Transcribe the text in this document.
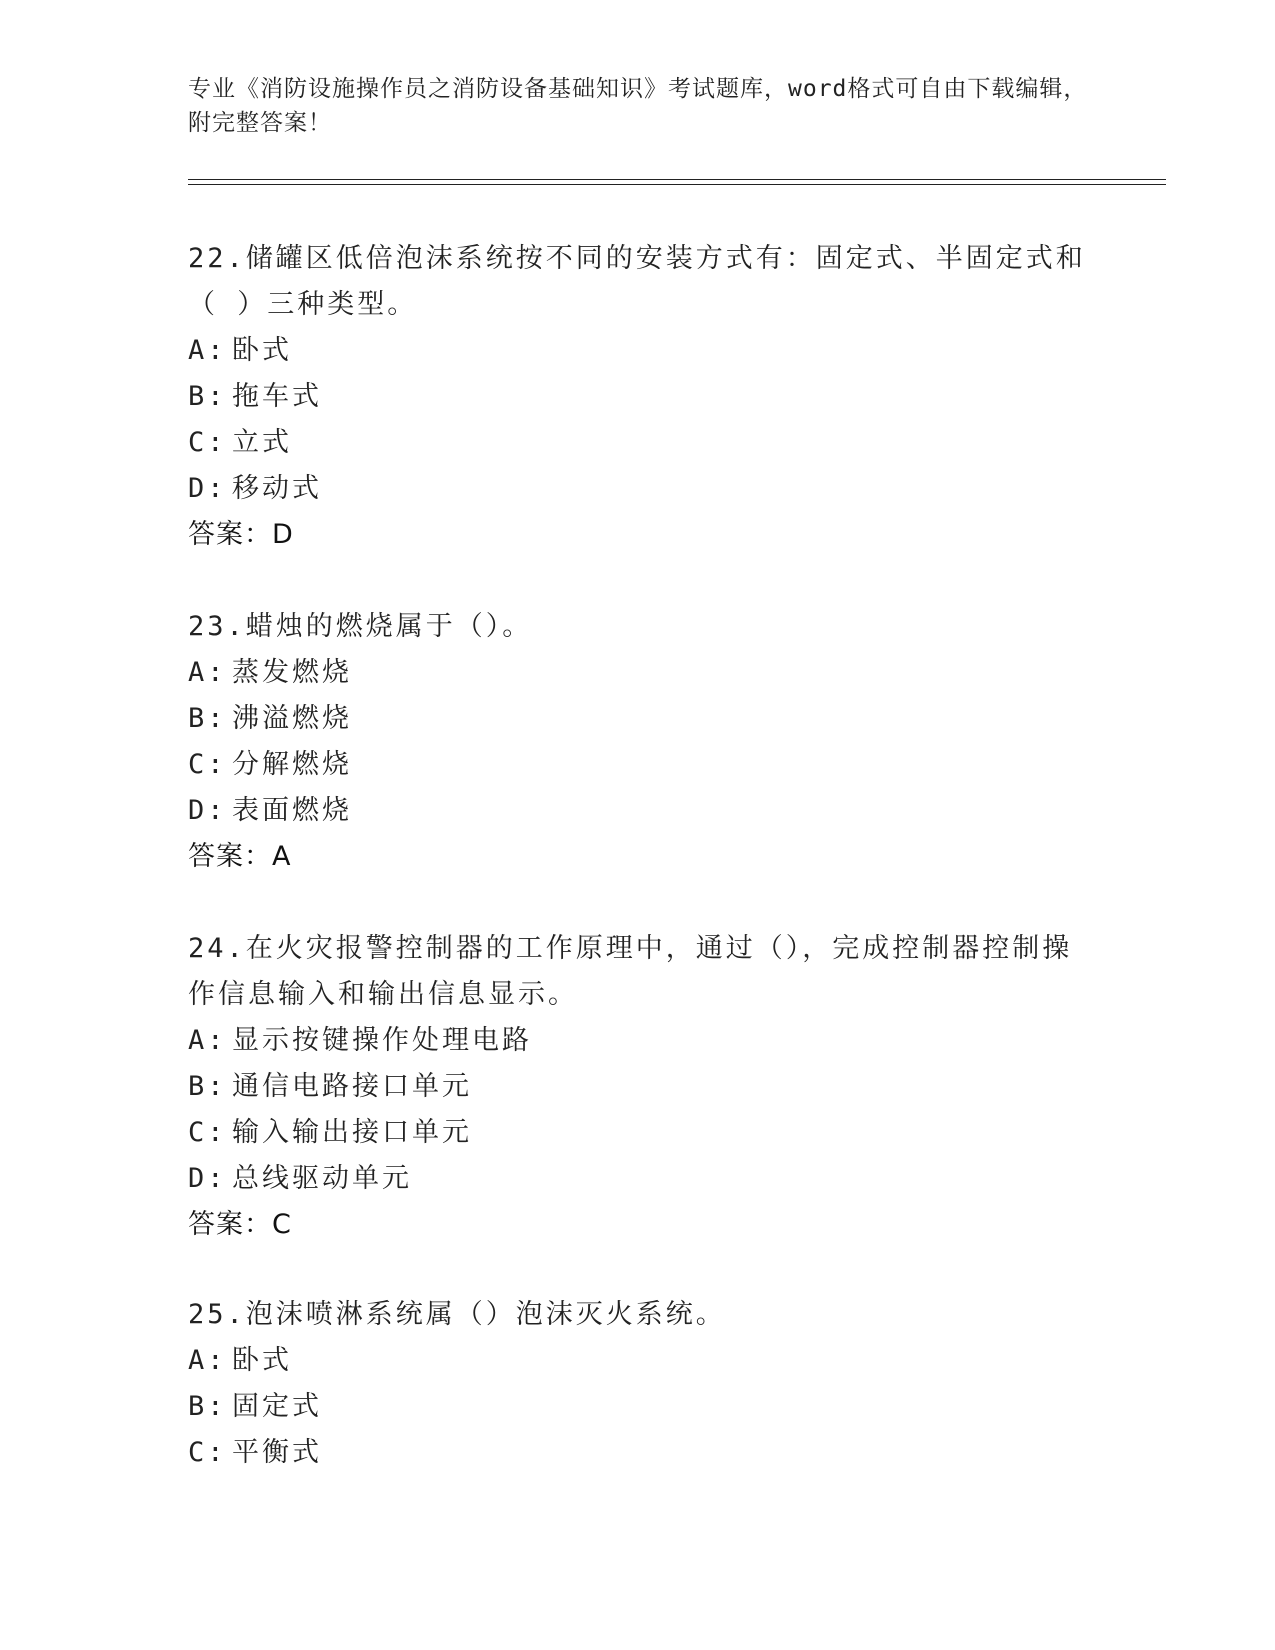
专业《消防设施操作员之消防设备基础知识》考试题库，word格式可自由下载编辑，附完整答案！

22.储罐区低倍泡沫系统按不同的安装方式有：固定式、半固定式和（ ）三种类型。

A: 卧式

B: 拖车式

C: 立式

D: 移动式

答案：D

23.蜡烛的燃烧属于（）。

A: 蒸发燃烧

B: 沸溢燃烧

C: 分解燃烧

D: 表面燃烧

答案：A

24.在火灾报警控制器的工作原理中，通过（），完成控制器控制操作信息输入和输出信息显示。

A: 显示按键操作处理电路

B: 通信电路接口单元

C: 输入输出接口单元

D: 总线驱动单元

答案：C

25.泡沫喷淋系统属（）泡沫灭火系统。

A: 卧式

B: 固定式

C: 平衡式
